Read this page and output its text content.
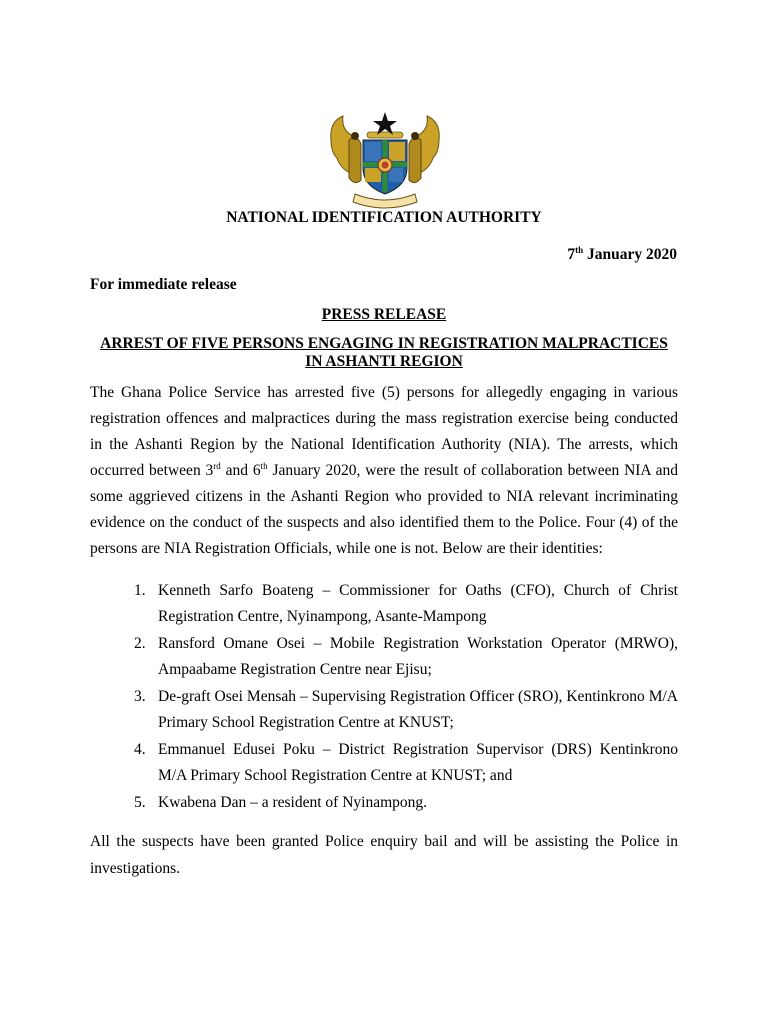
NATIONAL IDENTIFICATION AUTHORITY
7th January 2020
For immediate release
PRESS RELEASE
ARREST OF FIVE PERSONS ENGAGING IN REGISTRATION MALPRACTICES IN ASHANTI REGION
The Ghana Police Service has arrested five (5) persons for allegedly engaging in various registration offences and malpractices during the mass registration exercise being conducted in the Ashanti Region by the National Identification Authority (NIA). The arrests, which occurred between 3rd and 6th January 2020, were the result of collaboration between NIA and some aggrieved citizens in the Ashanti Region who provided to NIA relevant incriminating evidence on the conduct of the suspects and also identified them to the Police. Four (4) of the persons are NIA Registration Officials, while one is not. Below are their identities:
1. Kenneth Sarfo Boateng – Commissioner for Oaths (CFO), Church of Christ Registration Centre, Nyinampong, Asante-Mampong
2. Ransford Omane Osei – Mobile Registration Workstation Operator (MRWO), Ampaabame Registration Centre near Ejisu;
3. De-graft Osei Mensah – Supervising Registration Officer (SRO), Kentinkrono M/A Primary School Registration Centre at KNUST;
4. Emmanuel Edusei Poku – District Registration Supervisor (DRS) Kentinkrono M/A Primary School Registration Centre at KNUST; and
5. Kwabena Dan – a resident of Nyinampong.
All the suspects have been granted Police enquiry bail and will be assisting the Police in investigations.
